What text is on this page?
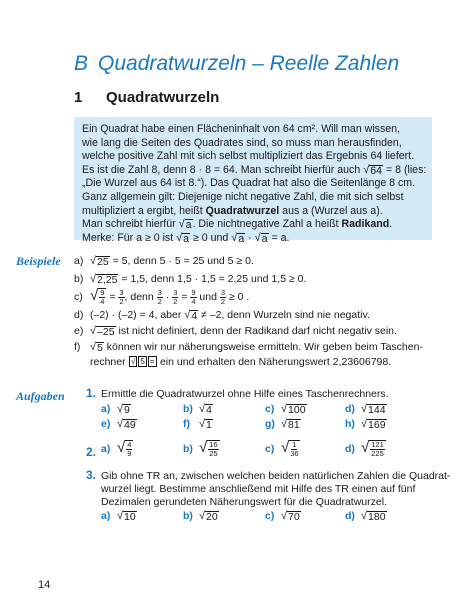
B Quadratwurzeln – Reelle Zahlen
1 Quadratwurzeln
Ein Quadrat habe einen Flächeninhalt von 64 cm². Will man wissen,
wie lang die Seiten des Quadrates sind, so muss man herausfinden,
welche positive Zahl mit sich selbst multipliziert das Ergebnis 64 liefert.
Es ist die Zahl 8, denn 8 · 8 = 64. Man schreibt hierfür auch √ 64 = 8 (lies:
„Die Wurzel aus 64 ist 8.“). Das Quadrat hat also die Seitenlänge 8 cm.
Ganz allgemein gilt: Diejenige nicht negative Zahl, die mit sich selbst
multipliziert a ergibt, heißt Quadratwurzel aus a (Wurzel aus a).
Man schreibt hierfür √ a . Die nichtnegative Zahl a heißt Radikand.
Merke: Für a ≥ 0 ist √ a ≥ 0 und √ a · √ a = a.
Beispiele a) √ 25 = 5, denn 5 · 5 = 25 und 5 ≥ 0.
b) √ 2,25 = 1,5, denn 1,5 · 1,5 = 2,25 und 1,5 ≥ 0.
c) √ $\frac{9}{4} = \frac{3}{2}$ , denn $\frac{3}{2} \cdot \frac{3}{2} = \frac{9}{4}$ und $\frac{3}{2} \ge 0$ .
d) (–2) · (–2) = 4, aber √ 4 ≠ –2, denn Wurzeln sind nie negativ.
e) √ –25 ist nicht definiert, denn der Radikand darf nicht negativ sein.
f) √ 5 können wir nur näherungsweise ermitteln. Wir geben beim Taschen-
rechner √ 5 = ein und erhalten den Näherungswert 2,23606798.
Aufgaben 1. Ermittle die Quadratwurzel ohne Hilfe eines Taschenrechners.
a) √ 9	b) √ 4	c) √ 100	d) √ 144
e) √ 49	f) √ 1	g) √ 81	h) √ 169
2. a) √ $\frac{4}{9}$	b) √ $\frac{16}{25}$	c) √ $\frac{1}{36}$	d) √ $\frac{121}{225}$
3. Gib ohne TR an, zwischen welchen beiden natürlichen Zahlen die Quadrat-
wurzel liegt. Bestimme anschließend mit Hilfe des TR einen auf fünf
Dezimalen gerundeten Näherungswert für die Quadratwurzel.
a) √ 10	b) √ 20	c) √ 70	d) √ 180
14
